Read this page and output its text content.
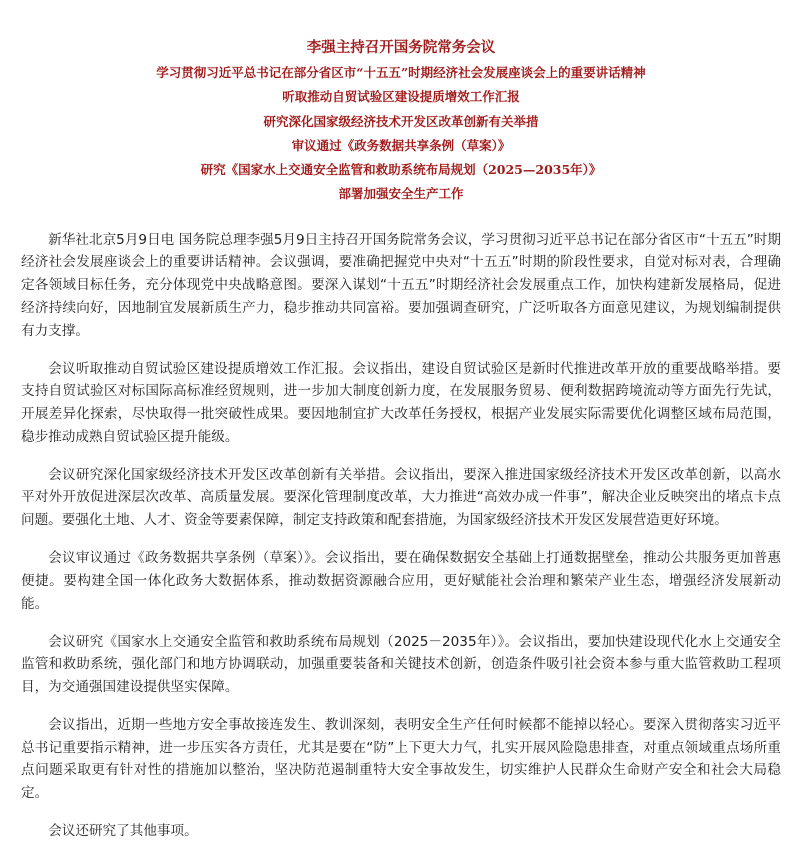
李强主持召开国务院常务会议

学习贯彻习近平总书记在部分省区市“十五五”时期经济社会发展座谈会上的重要讲话精神

听取推动自贸试验区建设提质增效工作汇报

研究深化国家级经济技术开发区改革创新有关举措

审议通过《政务数据共享条例（草案）》

研究《国家水上交通安全监管和救助系统布局规划（2025—2035年）》

部署加强安全生产工作

新华社北京5月9日电 国务院总理李强5月9日主持召开国务院常务会议，学习贯彻习近平总书记在部分省区市“十五五”时期经济社会发展座谈会上的重要讲话精神。会议强调，要准确把握党中央对“十五五”时期的阶段性要求，自觉对标对表，合理确定各领域目标任务，充分体现党中央战略意图。要深入谋划“十五五”时期经济社会发展重点工作，加快构建新发展格局，促进经济持续向好，因地制宜发展新质生产力，稳步推动共同富裕。要加强调查研究，广泛听取各方面意见建议，为规划编制提供有力支撑。

会议听取推动自贸试验区建设提质增效工作汇报。会议指出，建设自贸试验区是新时代推进改革开放的重要战略举措。要支持自贸试验区对标国际高标准经贸规则，进一步加大制度创新力度，在发展服务贸易、便利数据跨境流动等方面先行先试，开展差异化探索，尽快取得一批突破性成果。要因地制宜扩大改革任务授权，根据产业发展实际需要优化调整区域布局范围，稳步推动成熟自贸试验区提升能级。

会议研究深化国家级经济技术开发区改革创新有关举措。会议指出，要深入推进国家级经济技术开发区改革创新，以高水平对外开放促进深层次改革、高质量发展。要深化管理制度改革，大力推进“高效办成一件事”，解决企业反映突出的堵点卡点问题。要强化土地、人才、资金等要素保障，制定支持政策和配套措施，为国家级经济技术开发区发展营造更好环境。

会议审议通过《政务数据共享条例（草案）》。会议指出，要在确保数据安全基础上打通数据壁垒，推动公共服务更加普惠便捷。要构建全国一体化政务大数据体系，推动数据资源融合应用，更好赋能社会治理和繁荣产业生态，增强经济发展新动能。

会议研究《国家水上交通安全监管和救助系统布局规划（2025－2035年）》。会议指出，要加快建设现代化水上交通安全监管和救助系统，强化部门和地方协调联动，加强重要装备和关键技术创新，创造条件吸引社会资本参与重大监管救助工程项目，为交通强国建设提供坚实保障。

会议指出，近期一些地方安全事故接连发生、教训深刻，表明安全生产任何时候都不能掉以轻心。要深入贯彻落实习近平总书记重要指示精神，进一步压实各方责任，尤其是要在“防”上下更大力气，扎实开展风险隐患排查，对重点领域重点场所重点问题采取更有针对性的措施加以整治，坚决防范遏制重特大安全事故发生，切实维护人民群众生命财产安全和社会大局稳定。

会议还研究了其他事项。
